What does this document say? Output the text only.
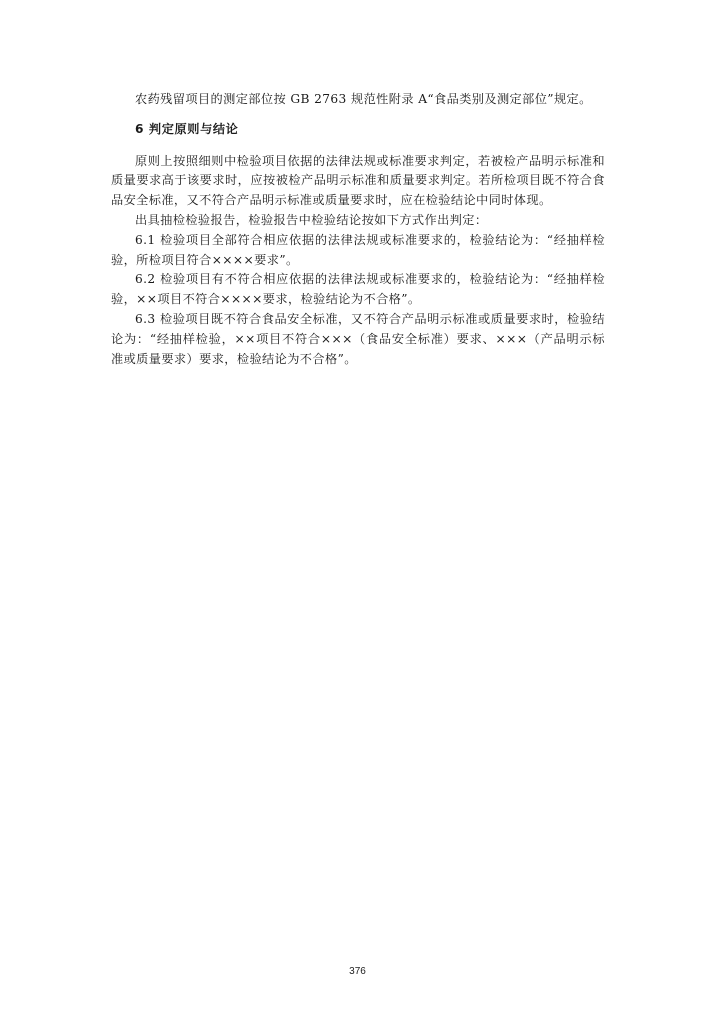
农药残留项目的测定部位按 GB 2763 规范性附录 A“食品类别及测定部位”规定。

6 判定原则与结论

原则上按照细则中检验项目依据的法律法规或标准要求判定，若被检产品明示标准和质量要求高于该要求时，应按被检产品明示标准和质量要求判定。若所检项目既不符合食品安全标准，又不符合产品明示标准或质量要求时，应在检验结论中同时体现。

出具抽检检验报告，检验报告中检验结论按如下方式作出判定：

6.1 检验项目全部符合相应依据的法律法规或标准要求的，检验结论为：“经抽样检验，所检项目符合××××要求”。

6.2 检验项目有不符合相应依据的法律法规或标准要求的，检验结论为：“经抽样检验，××项目不符合××××要求，检验结论为不合格”。

6.3 检验项目既不符合食品安全标准，又不符合产品明示标准或质量要求时，检验结论为：“经抽样检验，××项目不符合×××（食品安全标准）要求、×××（产品明示标准或质量要求）要求，检验结论为不合格”。

376
